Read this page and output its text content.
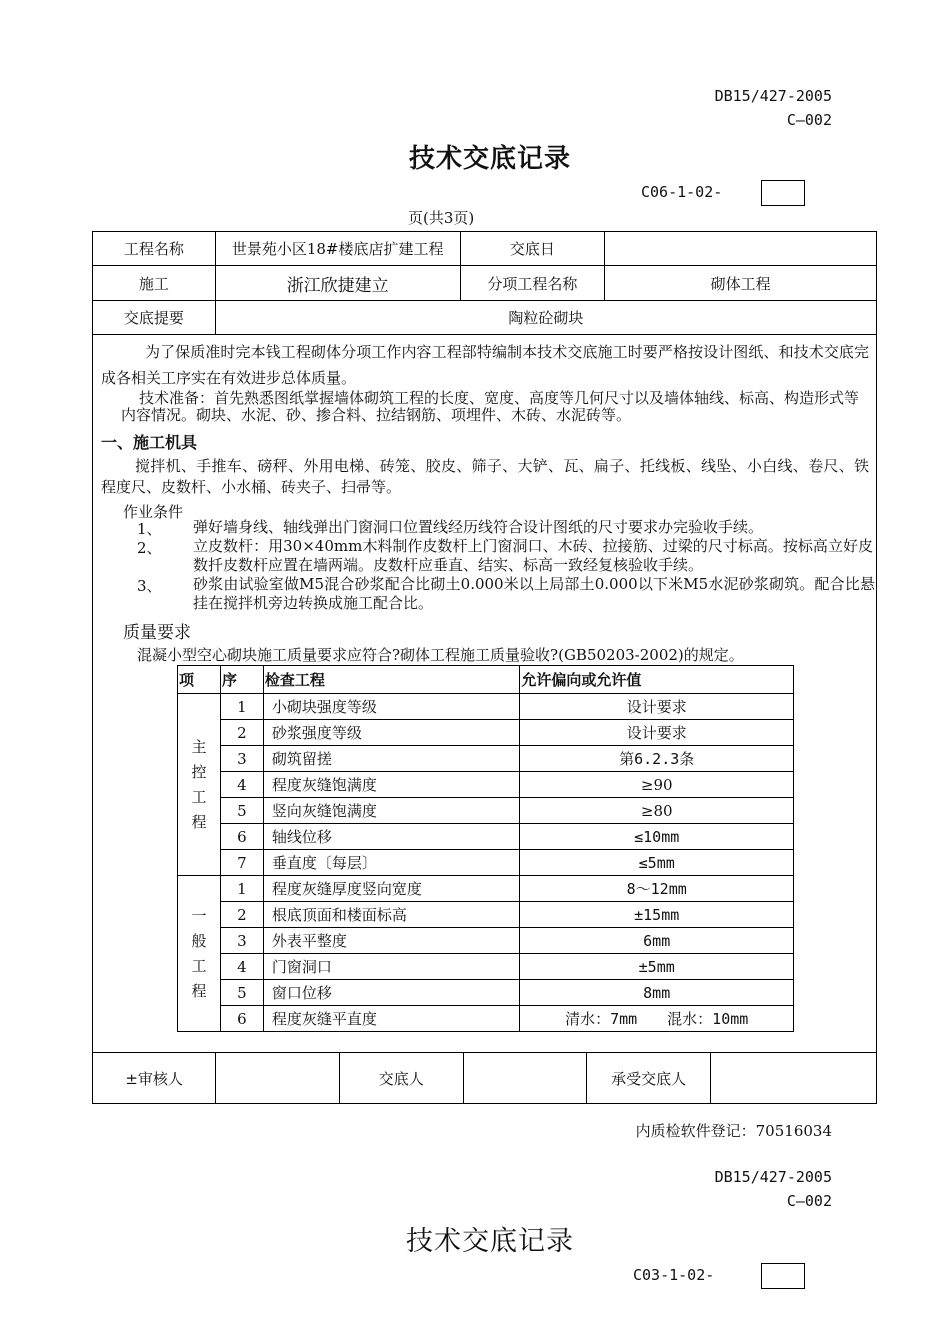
DB15/427-2005
C—002
技术交底记录
C06-1-02-
页(共3页)
工程名称	世景苑小区18#楼底店扩建工程	交底日	
施工	浙江欣捷建立	分项工程名称	砌体工程
交底提要	陶粒砼砌块

为了保质准时完本钱工程砌体分项工作内容工程部特编制本技术交底施工时要严格按设计图纸、和技术交底完成各相关工序实在有效进步总体质量。

技术准备：首先熟悉图纸掌握墙体砌筑工程的长度、宽度、高度等几何尺寸以及墙体轴线、标高、构造形式等内容情况。砌块、水泥、砂、掺合料、拉结钢筋、项埋件、木砖、水泥砖等。

一、施工机具

搅拌机、手推车、磅秤、外用电梯、砖笼、胶皮、筛子、大铲、瓦、扁子、托线板、线坠、小白线、卷尺、铁程度尺、皮数杆、小水桶、砖夹子、扫帚等。

作业条件
1、 弹好墙身线、轴线弹出门窗洞口位置线经历线符合设计图纸的尺寸要求办完验收手续。

2、 立皮数杆：用30×40mm木料制作皮数杆上门窗洞口、木砖、拉接筋、过梁的尺寸标高。按标高立好皮数扦皮数杆应置在墙两端。皮数杆应垂直、结实、标高一致经复核验收手续。

3、 砂浆由试验室做M5混合砂浆配合比砌土0.000米以上局部土0.000以下米M5水泥砂浆砌筑。配合比悬挂在搅拌机旁边转换成施工配合比。

质量要求

混凝小型空心砌块施工质量要求应符合?砌体工程施工质量验收?(GB50203-2002)的规定。

项	序	检查工程	允许偏向或允许值

主
控
工
程
	1	小砌块强度等级	设计要求
2	砂浆强度等级	设计要求
3	砌筑留搓	第6.2.3条
4	程度灰缝饱满度	≥90
5	竖向灰缝饱满度	≥80
6	轴线位移	≤10mm
7	垂直度〔每层〕	≤5mm

一
般
工
程
	1	程度灰缝厚度竖向宽度	8～12mm
2	根底顶面和楼面标高	±15mm
3	外表平整度	6mm
4	门窗洞口	±5mm
5	窗口位移	8mm
6	程度灰缝平直度	清水：7mm　　混水：10mm

±审核人		交底人		承受交底人	
内质检软件登记：70516034
DB15/427-2005
C—002
技术交底记录
C03-1-02-
